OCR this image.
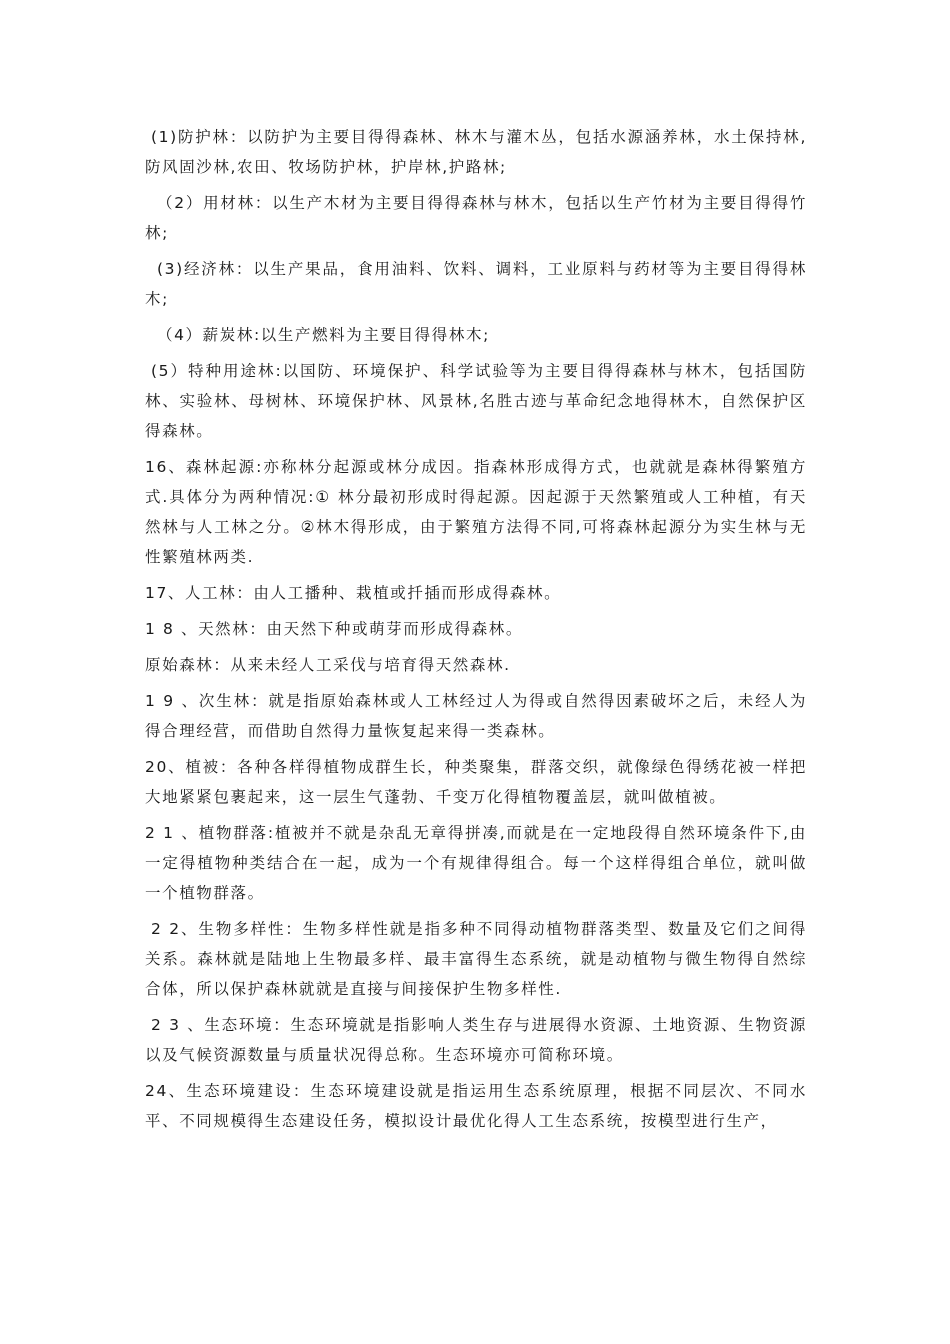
(1)防护林：以防护为主要目得得森林、林木与灌木丛，包括水源涵养林，水土保持林,防风固沙林,农田、牧场防护林，护岸林,护路林;

（2）用材林：以生产木材为主要目得得森林与林木，包括以生产竹材为主要目得得竹林;

(3)经济林：以生产果品，食用油料、饮料、调料，工业原料与药材等为主要目得得林木;

（4）薪炭林:以生产燃料为主要目得得林木;

(5）特种用途林:以国防、环境保护、科学试验等为主要目得得森林与林木，包括国防林、实验林、母树林、环境保护林、风景林,名胜古迹与革命纪念地得林木，自然保护区得森林。

16、森林起源:亦称林分起源或林分成因。指森林形成得方式，也就就是森林得繁殖方式.具体分为两种情况:① 林分最初形成时得起源。因起源于天然繁殖或人工种植，有天然林与人工林之分。②林木得形成，由于繁殖方法得不同,可将森林起源分为实生林与无性繁殖林两类.

17、人工林：由人工播种、栽植或扦插而形成得森林。

1 8 、天然林：由天然下种或萌芽而形成得森林。

原始森林：从来未经人工采伐与培育得天然森林.

1 9 、次生林：就是指原始森林或人工林经过人为得或自然得因素破坏之后，未经人为得合理经营，而借助自然得力量恢复起来得一类森林。

20、植被：各种各样得植物成群生长，种类聚集，群落交织，就像绿色得绣花被一样把大地紧紧包裹起来，这一层生气蓬勃、千变万化得植物覆盖层，就叫做植被。

2 1 、植物群落:植被并不就是杂乱无章得拼凑,而就是在一定地段得自然环境条件下,由一定得植物种类结合在一起，成为一个有规律得组合。每一个这样得组合单位，就叫做一个植物群落。

2 2、生物多样性：生物多样性就是指多种不同得动植物群落类型、数量及它们之间得关系。森林就是陆地上生物最多样、最丰富得生态系统，就是动植物与微生物得自然综合体，所以保护森林就就是直接与间接保护生物多样性.

2 3 、生态环境：生态环境就是指影响人类生存与进展得水资源、土地资源、生物资源以及气候资源数量与质量状况得总称。生态环境亦可简称环境。

24、生态环境建设：生态环境建设就是指运用生态系统原理，根据不同层次、不同水平、不同规模得生态建设任务，模拟设计最优化得人工生态系统，按模型进行生产，
